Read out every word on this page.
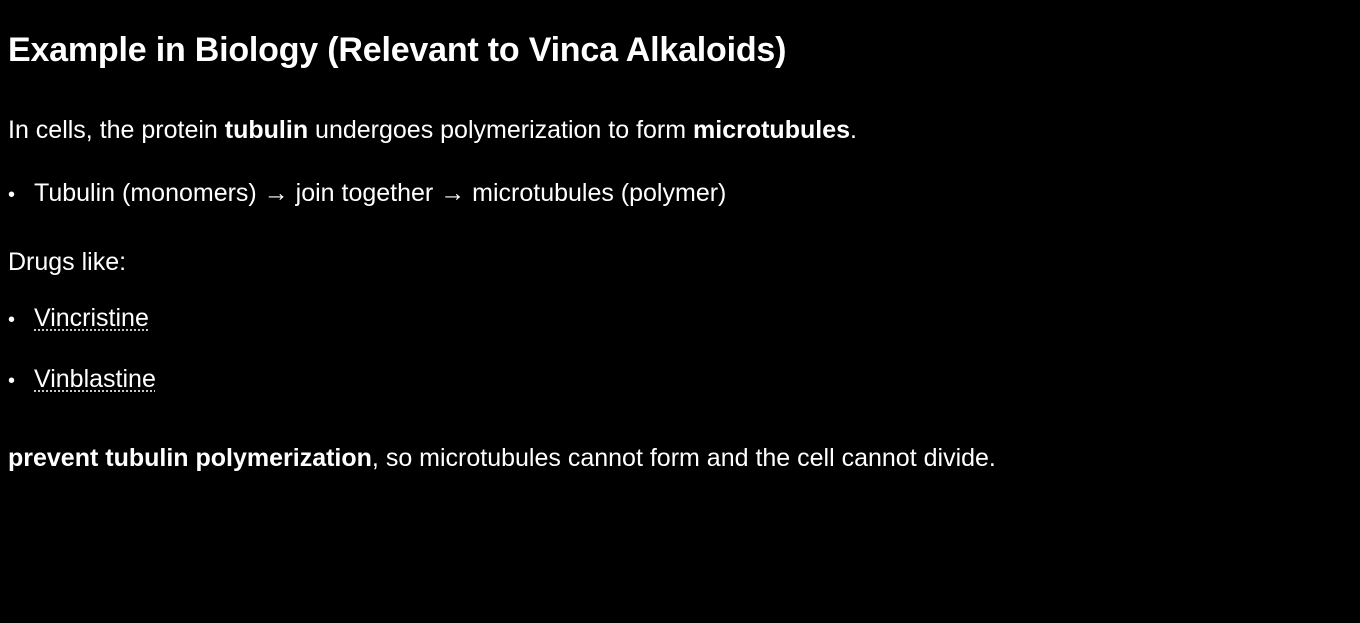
Example in Biology (Relevant to Vinca Alkaloids)

In cells, the protein tubulin undergoes polymerization to form microtubules.

• Tubulin (monomers) → join together → microtubules (polymer)

Drugs like:

• Vincristine
• Vinblastine

prevent tubulin polymerization, so microtubules cannot form and the cell cannot divide.
